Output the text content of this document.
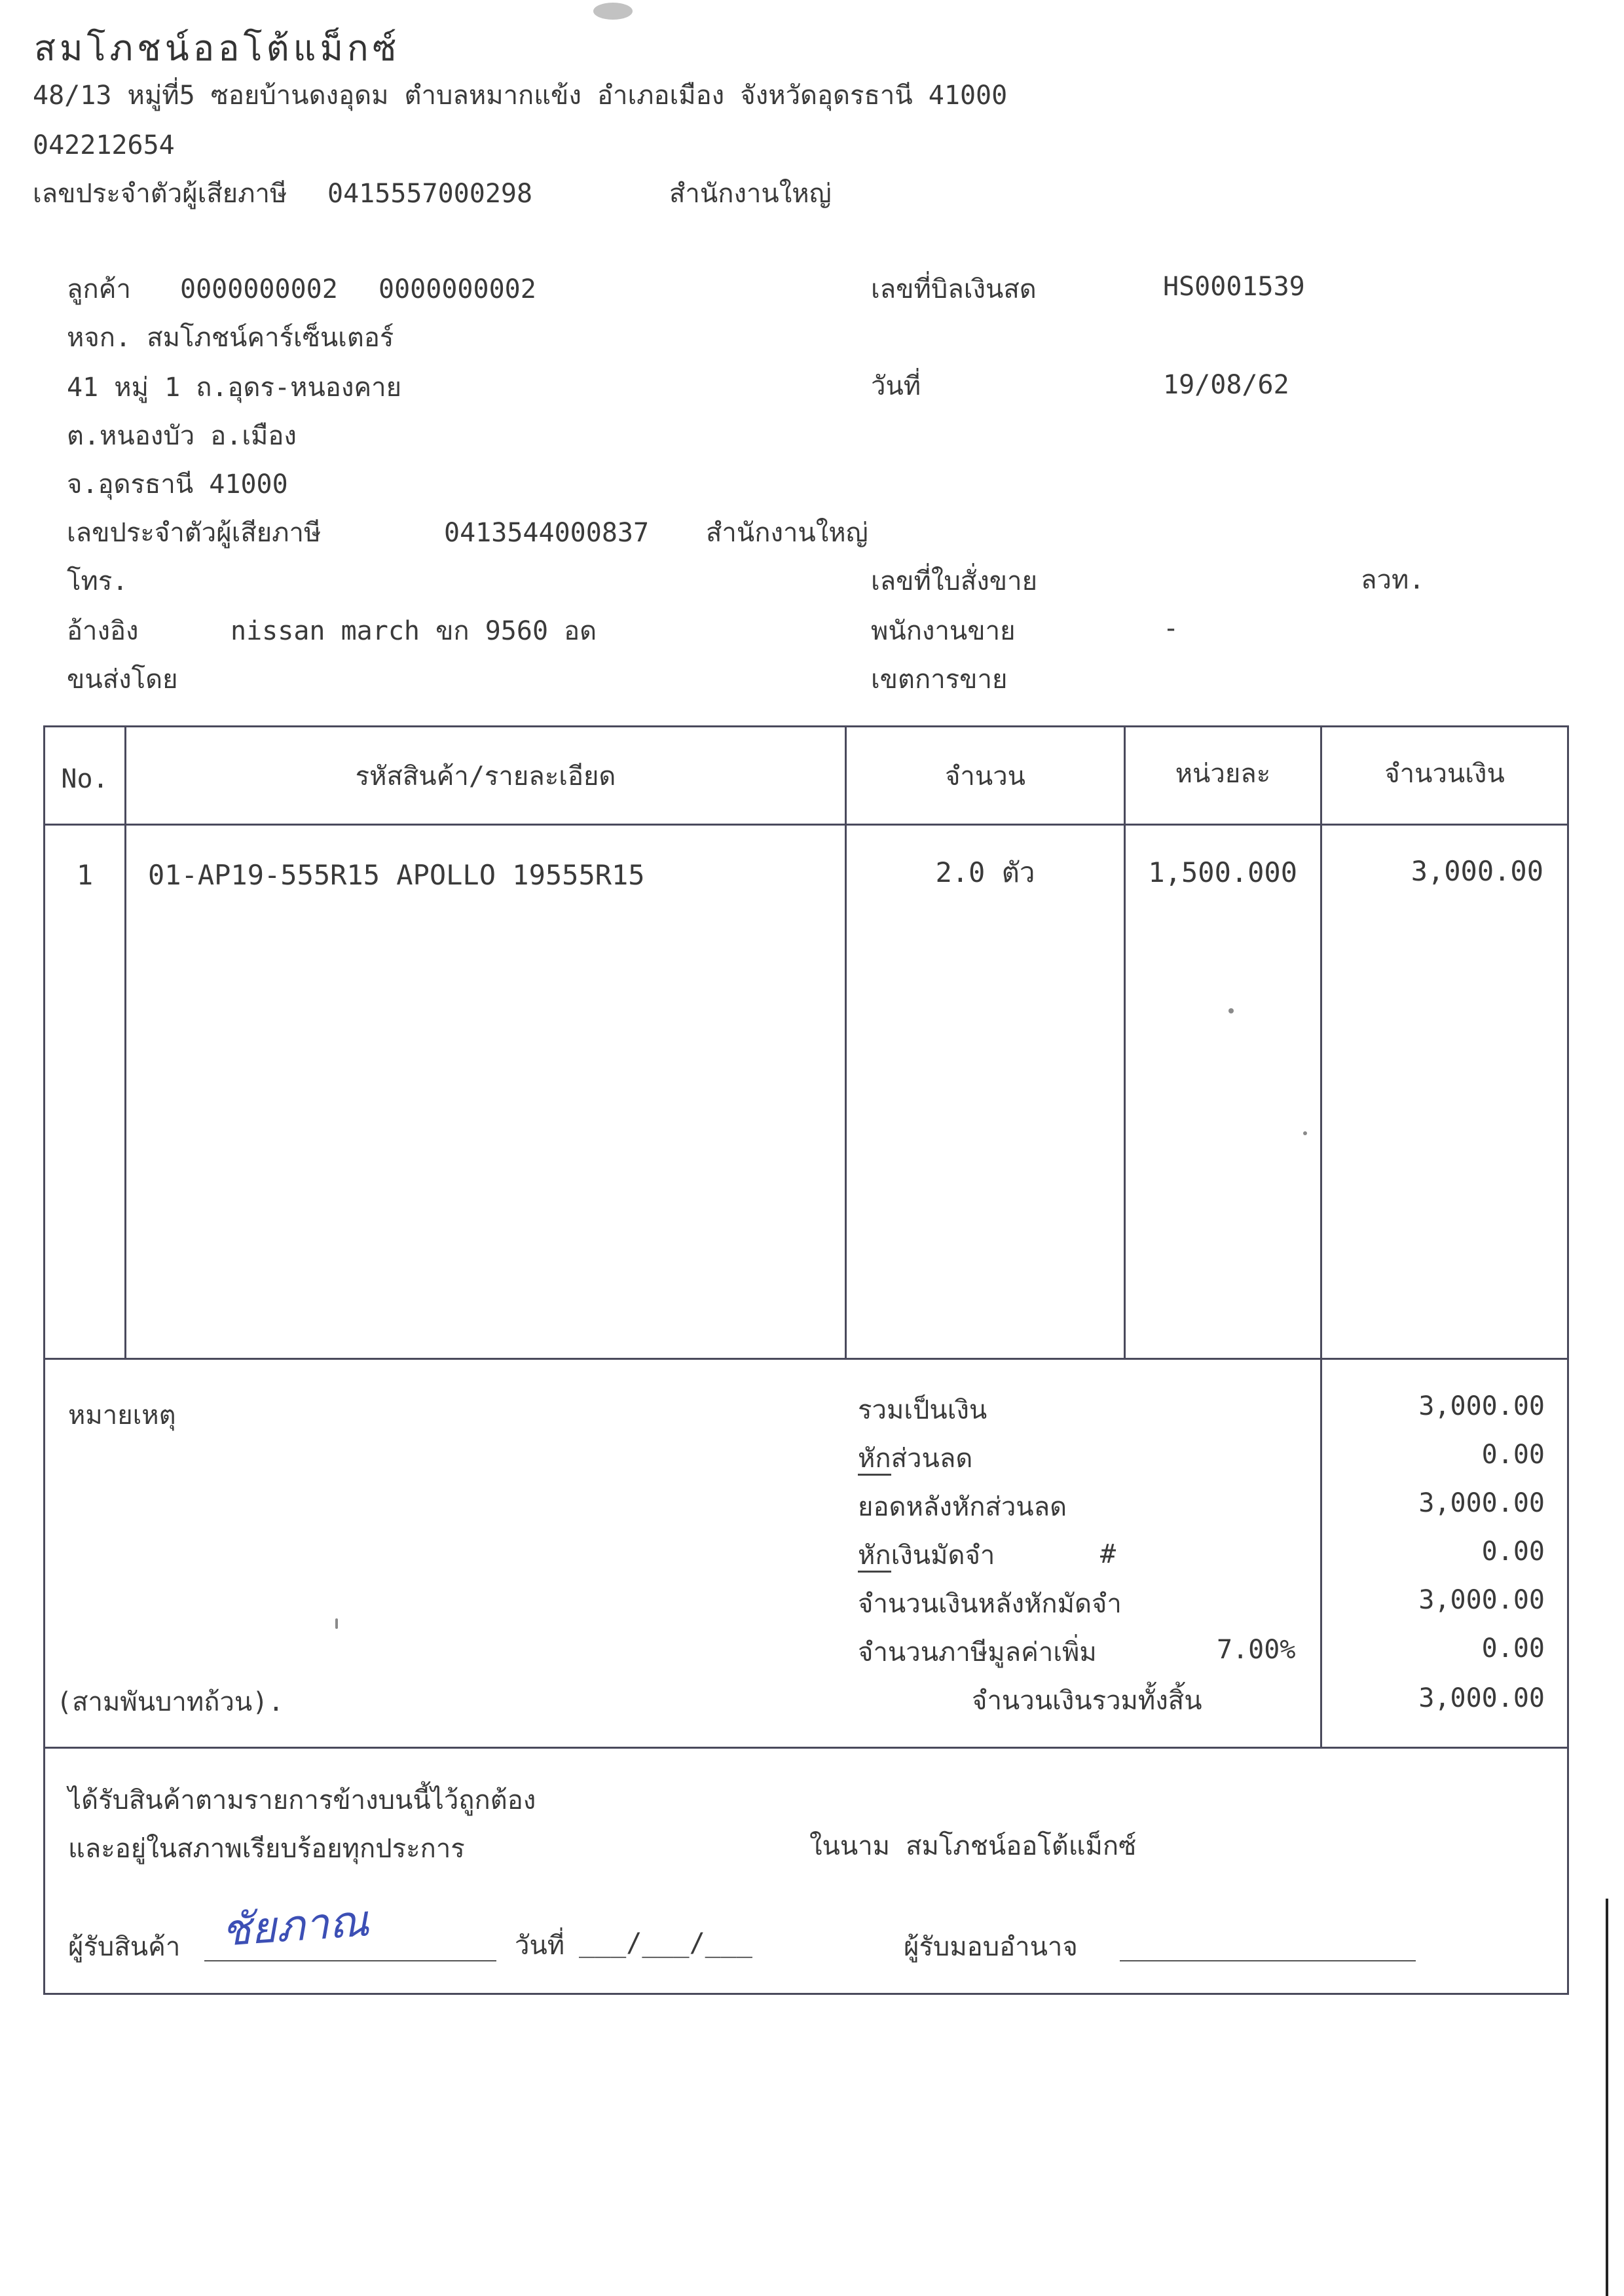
สมโภชน์ออโต้แม็กซ์
48/13 หมู่ที่5 ซอยบ้านดงอุดม ตำบลหมากแข้ง อำเภอเมือง จังหวัดอุดรธานี 41000
042212654
เลขประจำตัวผู้เสียภาษี 0415557000298	สำนักงานใหญ่
ลูกค้า 0000000002 0000000002
หจก. สมโภชน์คาร์เซ็นเตอร์
41 หมู่ 1 ถ.อุดร-หนองคาย
ต.หนองบัว อ.เมือง
จ.อุดรธานี 41000
เลขประจำตัวผู้เสียภาษี	0413544000837 สำนักงานใหญ่
โทร.
อ้างอิง	nissan march ขก 9560 อด
ขนส่งโดย
เลขที่บิลเงินสด	HS0001539
วันที่	19/08/62
เลขที่ใบสั่งขาย	ลวท.
พนักงานขาย	-
เขตการขาย
No.	รหัสสินค้า/รายละเอียด	จำนวน	หน่วยละ	จำนวนเงิน
1	01-AP19-555R15 APOLLO 19555R15	2.0 ตัว	1,500.000	3,000.00
หมายเหตุ
(สามพันบาทถ้วน).
รวมเป็นเงิน	3,000.00
หักส่วนลด	0.00
ยอดหลังหักส่วนลด	3,000.00
หักเงินมัดจำ	#	0.00
จำนวนเงินหลังหักมัดจำ	3,000.00
จำนวนภาษีมูลค่าเพิ่ม	7.00%	0.00
จำนวนเงินรวมทั้งสิ้น	3,000.00
ได้รับสินค้าตามรายการข้างบนนี้ไว้ถูกต้อง
และอยู่ในสภาพเรียบร้อยทุกประการ	ในนาม สมโภชน์ออโต้แม็กซ์
ผู้รับสินค้า ชัยภาณ	วันที่ ___/___/___	ผู้รับมอบอำนาจ
